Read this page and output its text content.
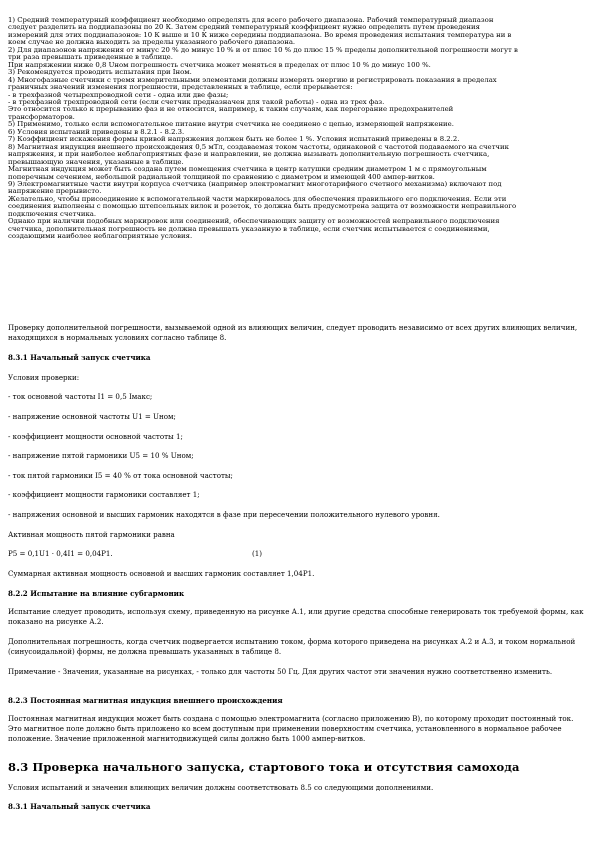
1) Средний температурный коэффициент необходимо определять для всего рабочего диапазона. Рабочий температурный диапазон

следует разделить на поддиапазоны по 20 К. Затем средний температурный коэффициент нужно определить путем проведения

измерений для этих поддиапазонов: 10 К выше и 10 К ниже середины поддиапазона. Во время проведения испытания температура ни в

коем случае не должна выходить за пределы указанного рабочего диапазона.

2) Для диапазонов напряжения от минус 20 % до минус 10 % и от плюс 10 % до плюс 15 % пределы дополнительной погрешности могут в

три раза превышать приведенные в таблице.

При напряжении ниже 0,8 Uном погрешность счетчика может меняться в пределах от плюс 10 % до минус 100 %.

3) Рекомендуется проводить испытания при Iном.

4) Многофазные счетчики с тремя измерительными элементами должны измерять энергию и регистрировать показания в пределах

граничных значений изменения погрешности, представленных в таблице, если прерывается:

- в трехфазной четырехпроводной сети - одна или две фазы;

- в трехфазной трехпроводной сети (если счетчик предназначен для такой работы) - одна из трех фаз.

Это относится только к прерыванию фаз и не относится, например, к таким случаям, как перегорание предохранителей

трансформаторов.

5) Применимо, только если вспомогательное питание внутри счетчика не соединено с цепью, измеряющей напряжение.

6) Условия испытаний приведены в 8.2.1 - 8.2.3.

7) Коэффициент искажения формы кривой напряжения должен быть не более 1 %. Условия испытаний приведены в 8.2.2.

8) Магнитная индукция внешнего происхождения 0,5 мТл, создаваемая током частоты, одинаковой с частотой подаваемого на счетчик

напряжения, и при наиболее неблагоприятных фазе и направлении, не должна вызывать дополнительную погрешность счетчика,

превышающую значения, указанные в таблице.

Магнитная индукция может быть создана путем помещения счетчика в центр катушки средним диаметром 1 м с прямоугольным

поперечным сечением, небольшой радиальной толщиной по сравнению с диаметром и имеющей 400 ампер-витков.

9) Электромагнитные части внутри корпуса счетчика (например электромагнит многотарифного счетного механизма) включают под

напряжение прерывисто.

Желательно, чтобы присоединение к вспомогательной части маркировалось для обеспечения правильного его подключения. Если эти

соединения выполнены с помощью штепсельных вилок и розеток, то должна быть предусмотрена защита от возможности неправильного

подключения счетчика.

Однако при наличии подобных маркировок или соединений, обеспечивающих защиту от возможностей неправильного подключения

счетчика, дополнительная погрешность не должна превышать указанную в таблице, если счетчик испытывается с соединениями,

создающими наиболее неблагоприятные условия.

Проверку дополнительной погрешности, вызываемой одной из влияющих величин, следует проводить независимо от всех других влияющих величин, находящихся в нормальных условиях согласно таблице 8.
8.3.1 Начальный запуск счетчика
Условия проверки:
- ток основной частоты I1 = 0,5 Iмакс;
- напряжение основной частоты U1 = Uном;
- коэффициент мощности основной частоты 1;
- напряжение пятой гармоники U5 = 10 % Uном;
- ток пятой гармоники I5 = 40 % от тока основной частоты;
- коэффициент мощности гармоники составляет 1;
- напряжения основной и высших гармоник находятся в фазе при пересечении положительного нулевого уровня.
Активная мощность пятой гармоники равна
P5 = 0,1U1 · 0,4I1 = 0,04P1.	(1)
Суммарная активная мощность основной и высших гармоник составляет 1,04P1.
8.2.2 Испытание на влияние субгармоник
Испытание следует проводить, используя схему, приведенную на рисунке А.1, или другие средства способные генерировать ток требуемой формы, как показано на рисунке А.2.
Дополнительная погрешность, когда счетчик подвергается испытанию током, форма которого приведена на рисунках А.2 и А.3, и током нормальной (синусоидальной) формы, не должна превышать указанных в таблице 8.
Примечание - Значения, указанные на рисунках, - только для частоты 50 Гц. Для других частот эти значения нужно соответственно изменить.
8.2.3 Постоянная магнитная индукция внешнего происхождения
Постоянная магнитная индукция может быть создана с помощью электромагнита (согласно приложению В), по которому проходит постоянный ток. Это магнитное поле должно быть приложено ко всем доступным при применении поверхностям счетчика, установленного в нормальное рабочее положение. Значение приложенной магнитодвижущей силы должно быть 1000 ампер-витков.
8.3 Проверка начального запуска, стартового тока и отсутствия самохода
Условия испытаний и значения влияющих величин должны соответствовать 8.5 со следующими дополнениями.
8.3.1 Начальный запуск счетчика
